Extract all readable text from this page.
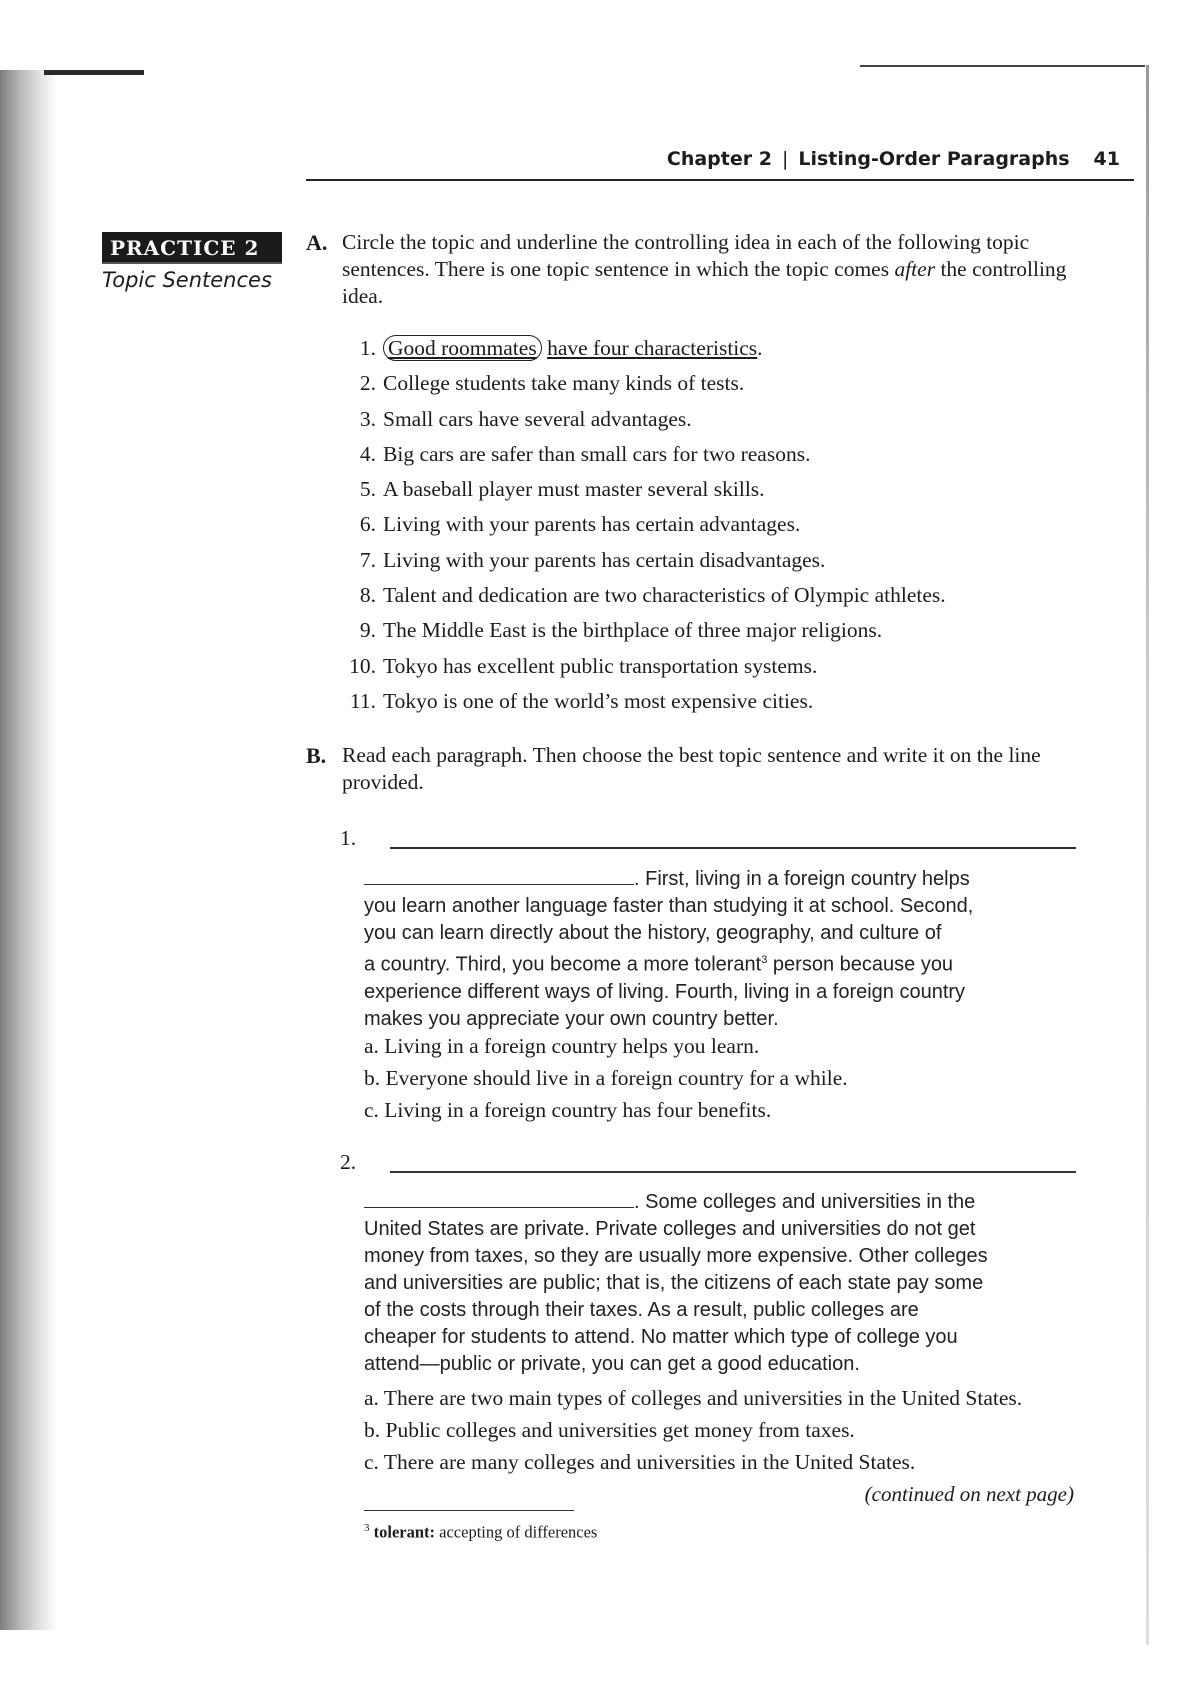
Chapter 2 | Listing-Order Paragraphs 41
PRACTICE 2
Topic Sentences
A. Circle the topic and underline the controlling idea in each of the following topic sentences. There is one topic sentence in which the topic comes after the controlling idea.
1. Good roommates have four characteristics.
2. College students take many kinds of tests.
3. Small cars have several advantages.
4. Big cars are safer than small cars for two reasons.
5. A baseball player must master several skills.
6. Living with your parents has certain advantages.
7. Living with your parents has certain disadvantages.
8. Talent and dedication are two characteristics of Olympic athletes.
9. The Middle East is the birthplace of three major religions.
10. Tokyo has excellent public transportation systems.
11. Tokyo is one of the world’s most expensive cities.
B. Read each paragraph. Then choose the best topic sentence and write it on the line provided.
1.
. First, living in a foreign country helps
you learn another language faster than studying it at school. Second,
you can learn directly about the history, geography, and culture of
a country. Third, you become a more tolerant$^3$ person because you
experience different ways of living. Fourth, living in a foreign country
makes you appreciate your own country better.
a. Living in a foreign country helps you learn.
b. Everyone should live in a foreign country for a while.
c. Living in a foreign country has four benefits.
2.
. Some colleges and universities in the
United States are private. Private colleges and universities do not get
money from taxes, so they are usually more expensive. Other colleges
and universities are public; that is, the citizens of each state pay some
of the costs through their taxes. As a result, public colleges are
cheaper for students to attend. No matter which type of college you
attend—public or private, you can get a good education.
a. There are two main types of colleges and universities in the United States.
b. Public colleges and universities get money from taxes.
c. There are many colleges and universities in the United States.
(continued on next page)
$^3$ tolerant: accepting of differences
